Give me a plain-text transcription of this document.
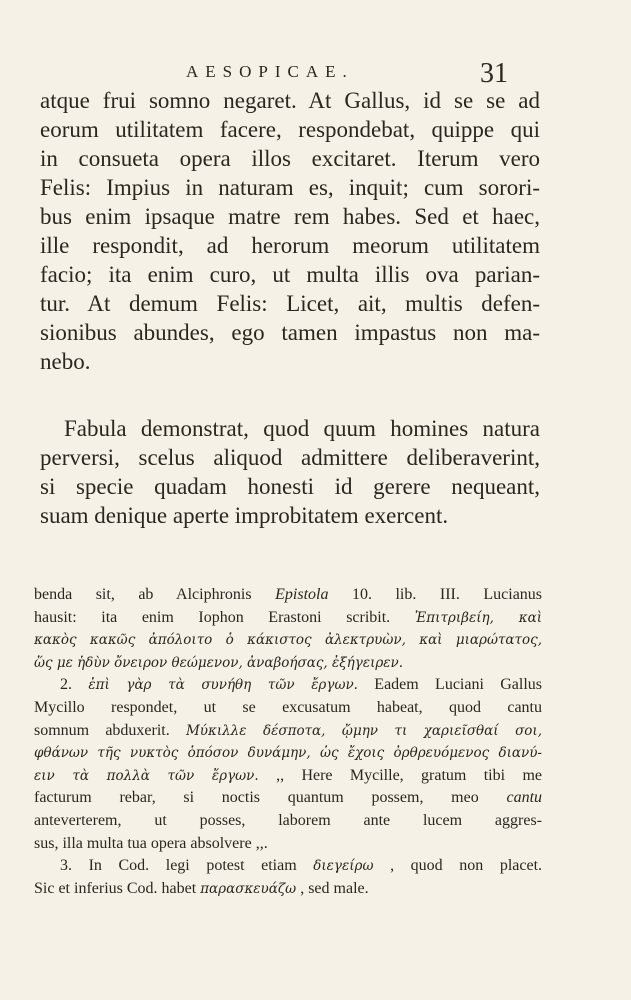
AESOPICAE.	31

atque frui somno negaret. At Gallus, id se se ad
eorum utilitatem facere, respondebat, quippe qui
in consueta opera illos excitaret. Iterum vero
Felis: Impius in naturam es, inquit; cum sorori-
bus enim ipsaque matre rem habes. Sed et haec,
ille respondit, ad herorum meorum utilitatem
facio; ita enim curo, ut multa illis ova parian-
tur. At demum Felis: Licet, ait, multis defen-
sionibus abundes, ego tamen impastus non ma-
nebo.

Fabula demonstrat, quod quum homines natura
perversi, scelus aliquod admittere deliberaverint,
si specie quadam honesti id gerere nequeant,
suam denique aperte improbitatem exercent.

benda sit, ab Alciphronis Epistola 10. lib. III. Lucianus
hausit: ita enim Iophon Erastoni scribit. Ἐπιτριβείη, καὶ
κακὸς κακῶς ἀπόλοιτο ὁ κάκιστος ἀλεκτρυὼν, καὶ μιαρώτατος,
ὥς με ἡδὺν ὄνειρον θεώμενον, ἀναβοήσας, ἐξήγειρεν.
2. ἐπὶ γὰρ τὰ συνήθη τῶν ἔργων. Eadem Luciani Gallus
Mycillo respondet, ut se excusatum habeat, quod cantu
somnum abduxerit. Μύκιλλε δέσποτα, ᾤμην τι χαριεῖσθαί σοι,
φθάνων τῆς νυκτὸς ὁπόσον δυνάμην, ὡς ἔχοις ὀρθρευόμενος διανύ-
ειν τὰ πολλὰ τῶν ἔργων. ,, Here Mycille, gratum tibi me
facturum rebar, si noctis quantum possem, meo cantu
anteverterem, ut posses, laborem ante lucem aggres-
sus, illa multa tua opera absolvere ,,.
3. In Cod. legi potest etiam διεγείρω , quod non placet.
Sic et inferius Cod. habet παρασκευάζω , sed male.
